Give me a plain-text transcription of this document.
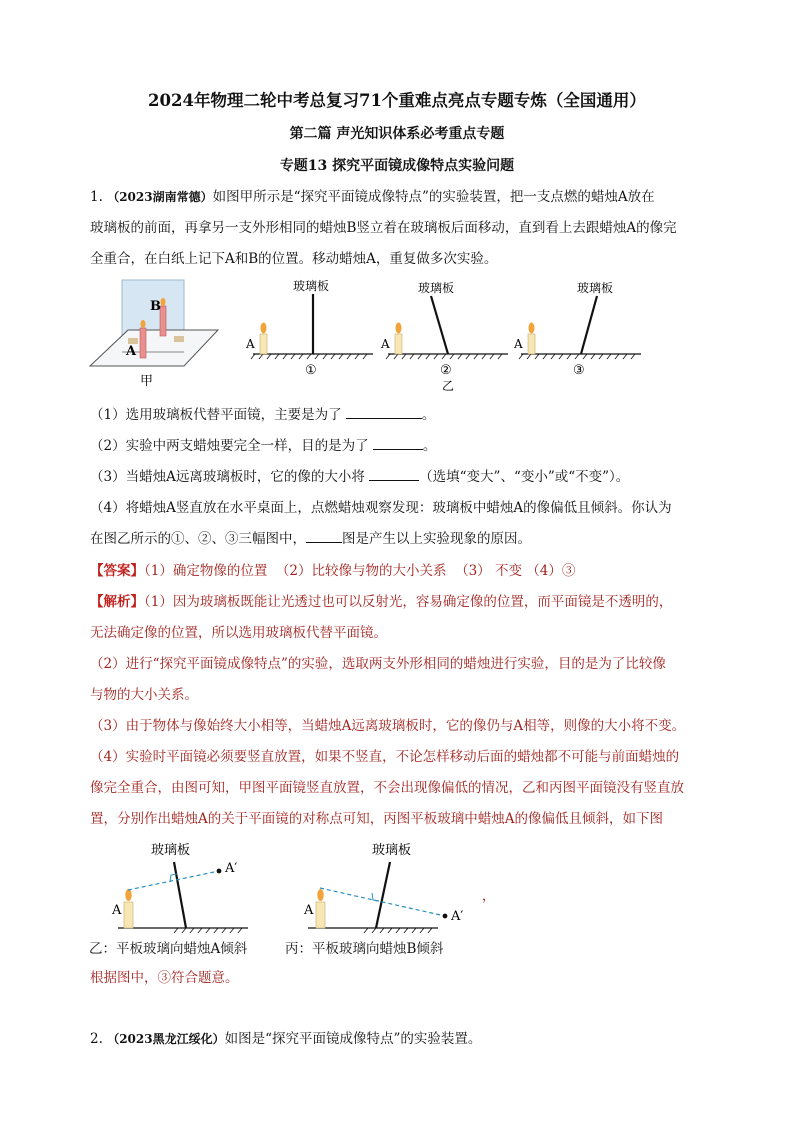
2024年物理二轮中考总复习71个重难点亮点专题专炼（全国通用）
第二篇 声光知识体系必考重点专题
专题13 探究平面镜成像特点实验问题
1. （2023湖南常德）如图甲所示是“探究平面镜成像特点”的实验装置，把一支点燃的蜡烛A放在
玻璃板的前面，再拿另一支外形相同的蜡烛B竖立着在玻璃板后面移动，直到看上去跟蜡烛A的像完
全重合，在白纸上记下A和B的位置。移动蜡烛A，重复做多次实验。
B
A
甲
玻璃板
A
①
玻璃板
A
②
乙
玻璃板
A
③
（1）选用玻璃板代替平面镜，主要是为了	。
（2）实验中两支蜡烛要完全一样，目的是为了	。
（3）当蜡烛A远离玻璃板时，它的像的大小将	（选填“变大”、“变小”或“不变”）。
（4）将蜡烛A竖直放在水平桌面上，点燃蜡烛观察发现：玻璃板中蜡烛A的像偏低且倾斜。你认为
在图乙所示的①、②、③三幅图中，	图是产生以上实验现象的原因。
【答案】（1）确定物像的位置  （2）比较像与物的大小关系  （3） 不变 （4）③
【解析】（1）因为玻璃板既能让光透过也可以反射光，容易确定像的位置，而平面镜是不透明的，
无法确定像的位置，所以选用玻璃板代替平面镜。
（2）进行“探究平面镜成像特点”的实验，选取两支外形相同的蜡烛进行实验，目的是为了比较像
与物的大小关系。
（3）由于物体与像始终大小相等，当蜡烛A远离玻璃板时，它的像仍与A相等，则像的大小将不变。
（4）实验时平面镜必须要竖直放置，如果不竖直，不论怎样移动后面的蜡烛都不可能与前面蜡烛的
像完全重合，由图可知，甲图平面镜竖直放置，不会出现像偏低的情况，乙和丙图平面镜没有竖直放
置，分别作出蜡烛A的关于平面镜的对称点可知，丙图平板玻璃中蜡烛A的像偏低且倾斜，如下图
玻璃板
A′
A
玻璃板
A′
A
，
乙：平板玻璃向蜡烛A倾斜	丙：平板玻璃向蜡烛B倾斜
根据图中，③符合题意。
2. （2023黑龙江绥化）如图是“探究平面镜成像特点”的实验装置。
